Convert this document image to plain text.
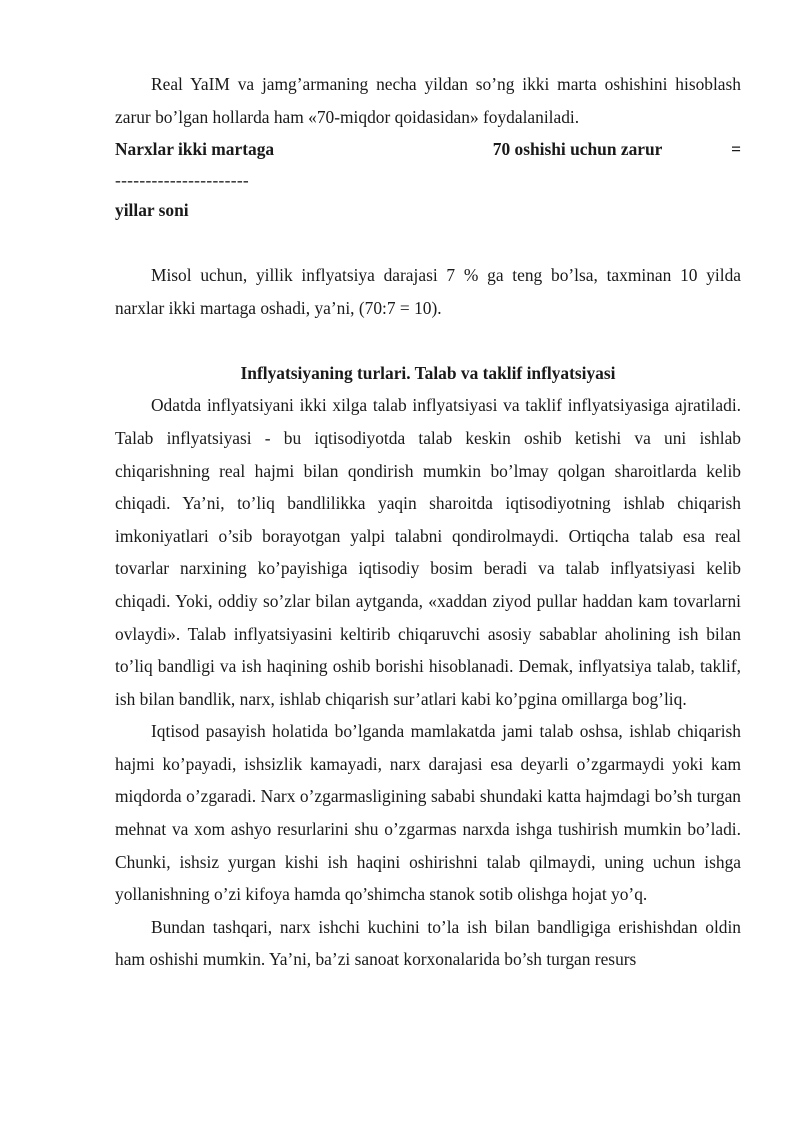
Real YaIM va jamg’armaning necha yildan so’ng ikki marta oshishini hisoblash zarur bo’lgan hollarda ham «70-miqdor qoidasidan» foydalaniladi.

Narxlar ikki martaga	70 oshishi uchun zarur	=
----------------------
yillar soni

Misol uchun, yillik inflyatsiya darajasi 7 % ga teng bo’lsa, taxminan 10 yilda narxlar ikki martaga oshadi, ya’ni, (70:7 = 10).

Inflyatsiyaning turlari. Talab va taklif inflyatsiyasi

Odatda inflyatsiyani ikki xilga talab inflyatsiyasi va taklif inflyatsiyasiga ajratiladi. Talab inflyatsiyasi - bu iqtisodiyotda talab keskin oshib ketishi va uni ishlab chiqarishning real hajmi bilan qondirish mumkin bo’lmay qolgan sharoitlarda kelib chiqadi. Ya’ni, to’liq bandlilikka yaqin sharoitda iqtisodiyotning ishlab chiqarish imkoniyatlari o’sib borayotgan yalpi talabni qondirolmaydi. Ortiqcha talab esa real tovarlar narxining ko’payishiga iqtisodiy bosim beradi va talab inflyatsiyasi kelib chiqadi. Yoki, oddiy so’zlar bilan aytganda, «xaddan ziyod pullar haddan kam tovarlarni ovlaydi». Talab inflyatsiyasini keltirib chiqaruvchi asosiy sabablar aholining ish bilan to’liq bandligi va ish haqining oshib borishi hisoblanadi. Demak, inflyatsiya talab, taklif, ish bilan bandlik, narx, ishlab chiqarish sur’atlari kabi ko’pgina omillarga bog’liq.

Iqtisod pasayish holatida bo’lganda mamlakatda jami talab oshsa, ishlab chiqarish hajmi ko’payadi, ishsizlik kamayadi, narx darajasi esa deyarli o’zgarmaydi yoki kam miqdorda o’zgaradi. Narx o’zgarmasligining sababi shundaki katta hajmdagi bo’sh turgan mehnat va xom ashyo resurlarini shu o’zgarmas narxda ishga tushirish mumkin bo’ladi. Chunki, ishsiz yurgan kishi ish haqini oshirishni talab qilmaydi, uning uchun ishga yollanishning o’zi kifoya hamda qo’shimcha stanok sotib olishga hojat yo’q.

Bundan tashqari, narx ishchi kuchini to’la ish bilan bandligiga erishishdan oldin ham oshishi mumkin. Ya’ni, ba’zi sanoat korxonalarida bo’sh turgan resurs
